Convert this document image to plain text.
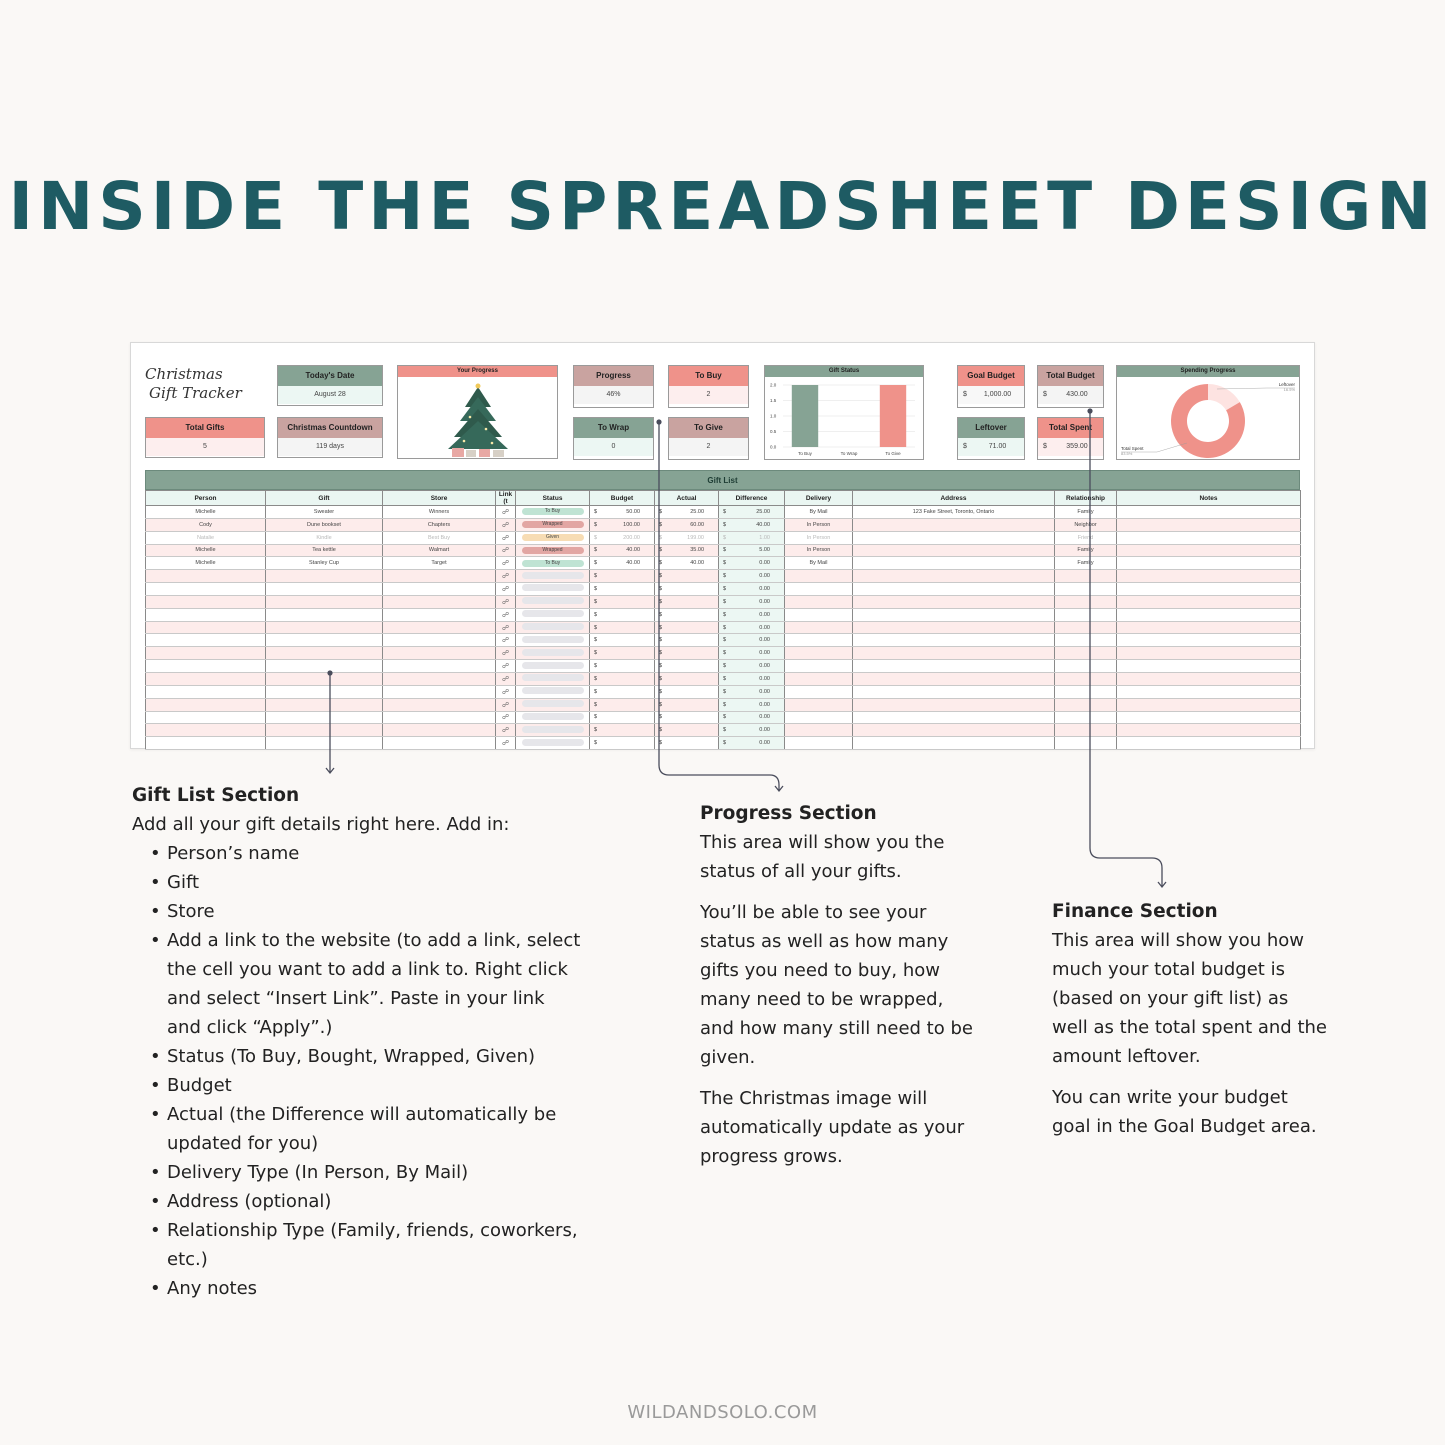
INSIDE THE SPREADSHEET DESIGN
Christmas
Gift Tracker
Today's Date
August 28
Total Gifts
5
Christmas Countdown
119 days
Your Progress	Progress
46%
To Buy
2
To Wrap
0
To Give
2
Gift Status
2.0
1.5
1.0
0.5
0.0
To Buy	To Wrap	To Give
Goal Budget
$	1,000.00
Total Budget
$	430.00
Leftover
$	71.00
Total Spent
$	359.00
Spending Progress
Leftover
16.5%
Total Spent
83.5%
Gift List
Person	Gift	Store	Link (t	Status	Budget	Actual	Difference	Delivery	Address	Relationship	Notes
Michelle	Sweater	Winners	☍	To Buy	$ 50.00	$ 25.00	$ 25.00	By Mail	123 Fake Street, Toronto, Ontario	Family	
Cody	Dune bookset	Chapters	☍	Wrapped	$ 100.00	$ 60.00	$ 40.00	In Person		Neighbor	
Natalie	Kindle	Best Buy	☍	Given	$ 200.00	$ 199.00	$ 1.00	In Person		Friend	
Michelle	Tea kettle	Walmart	☍	Wrapped	$ 40.00	$ 35.00	$ 5.00	In Person		Family	
Michelle	Stanley Cup	Target	☍	To Buy	$ 40.00	$ 40.00	$ 0.00	By Mail		Family	
			☍		$	$	$ 0.00				

			☍		$	$	$ 0.00				

			☍		$	$	$ 0.00				

			☍		$	$	$ 0.00				

			☍		$	$	$ 0.00				

			☍		$	$	$ 0.00				

			☍		$	$	$ 0.00				

			☍		$	$	$ 0.00				

			☍		$	$	$ 0.00				

			☍		$	$	$ 0.00				

			☍		$	$	$ 0.00				

			☍		$	$	$ 0.00				

			☍		$	$	$ 0.00				

			☍		$	$	$ 0.00				

Gift List Section

Add all your gift details right here. Add in:

• Person’s name
• Gift
• Store
• Add a link to the website (to add a link, select the cell you want to add a link to. Right click and select “Insert Link”. Paste in your link and click “Apply”.)
• Status (To Buy, Bought, Wrapped, Given)
• Budget
• Actual (the Difference will automatically be updated for you)
• Delivery Type (In Person, By Mail)
• Address (optional)
• Relationship Type (Family, friends, coworkers, etc.)
• Any notes
Progress Section

This area will show you the status of all your gifts.

You’ll be able to see your status as well as how many gifts you need to buy, how many need to be wrapped, and how many still need to be given.

The Christmas image will automatically update as your progress grows.

Finance Section

This area will show you how much your total budget is (based on your gift list) as well as the total spent and the amount leftover.

You can write your budget goal in the Goal Budget area.

WILDANDSOLO.COM
